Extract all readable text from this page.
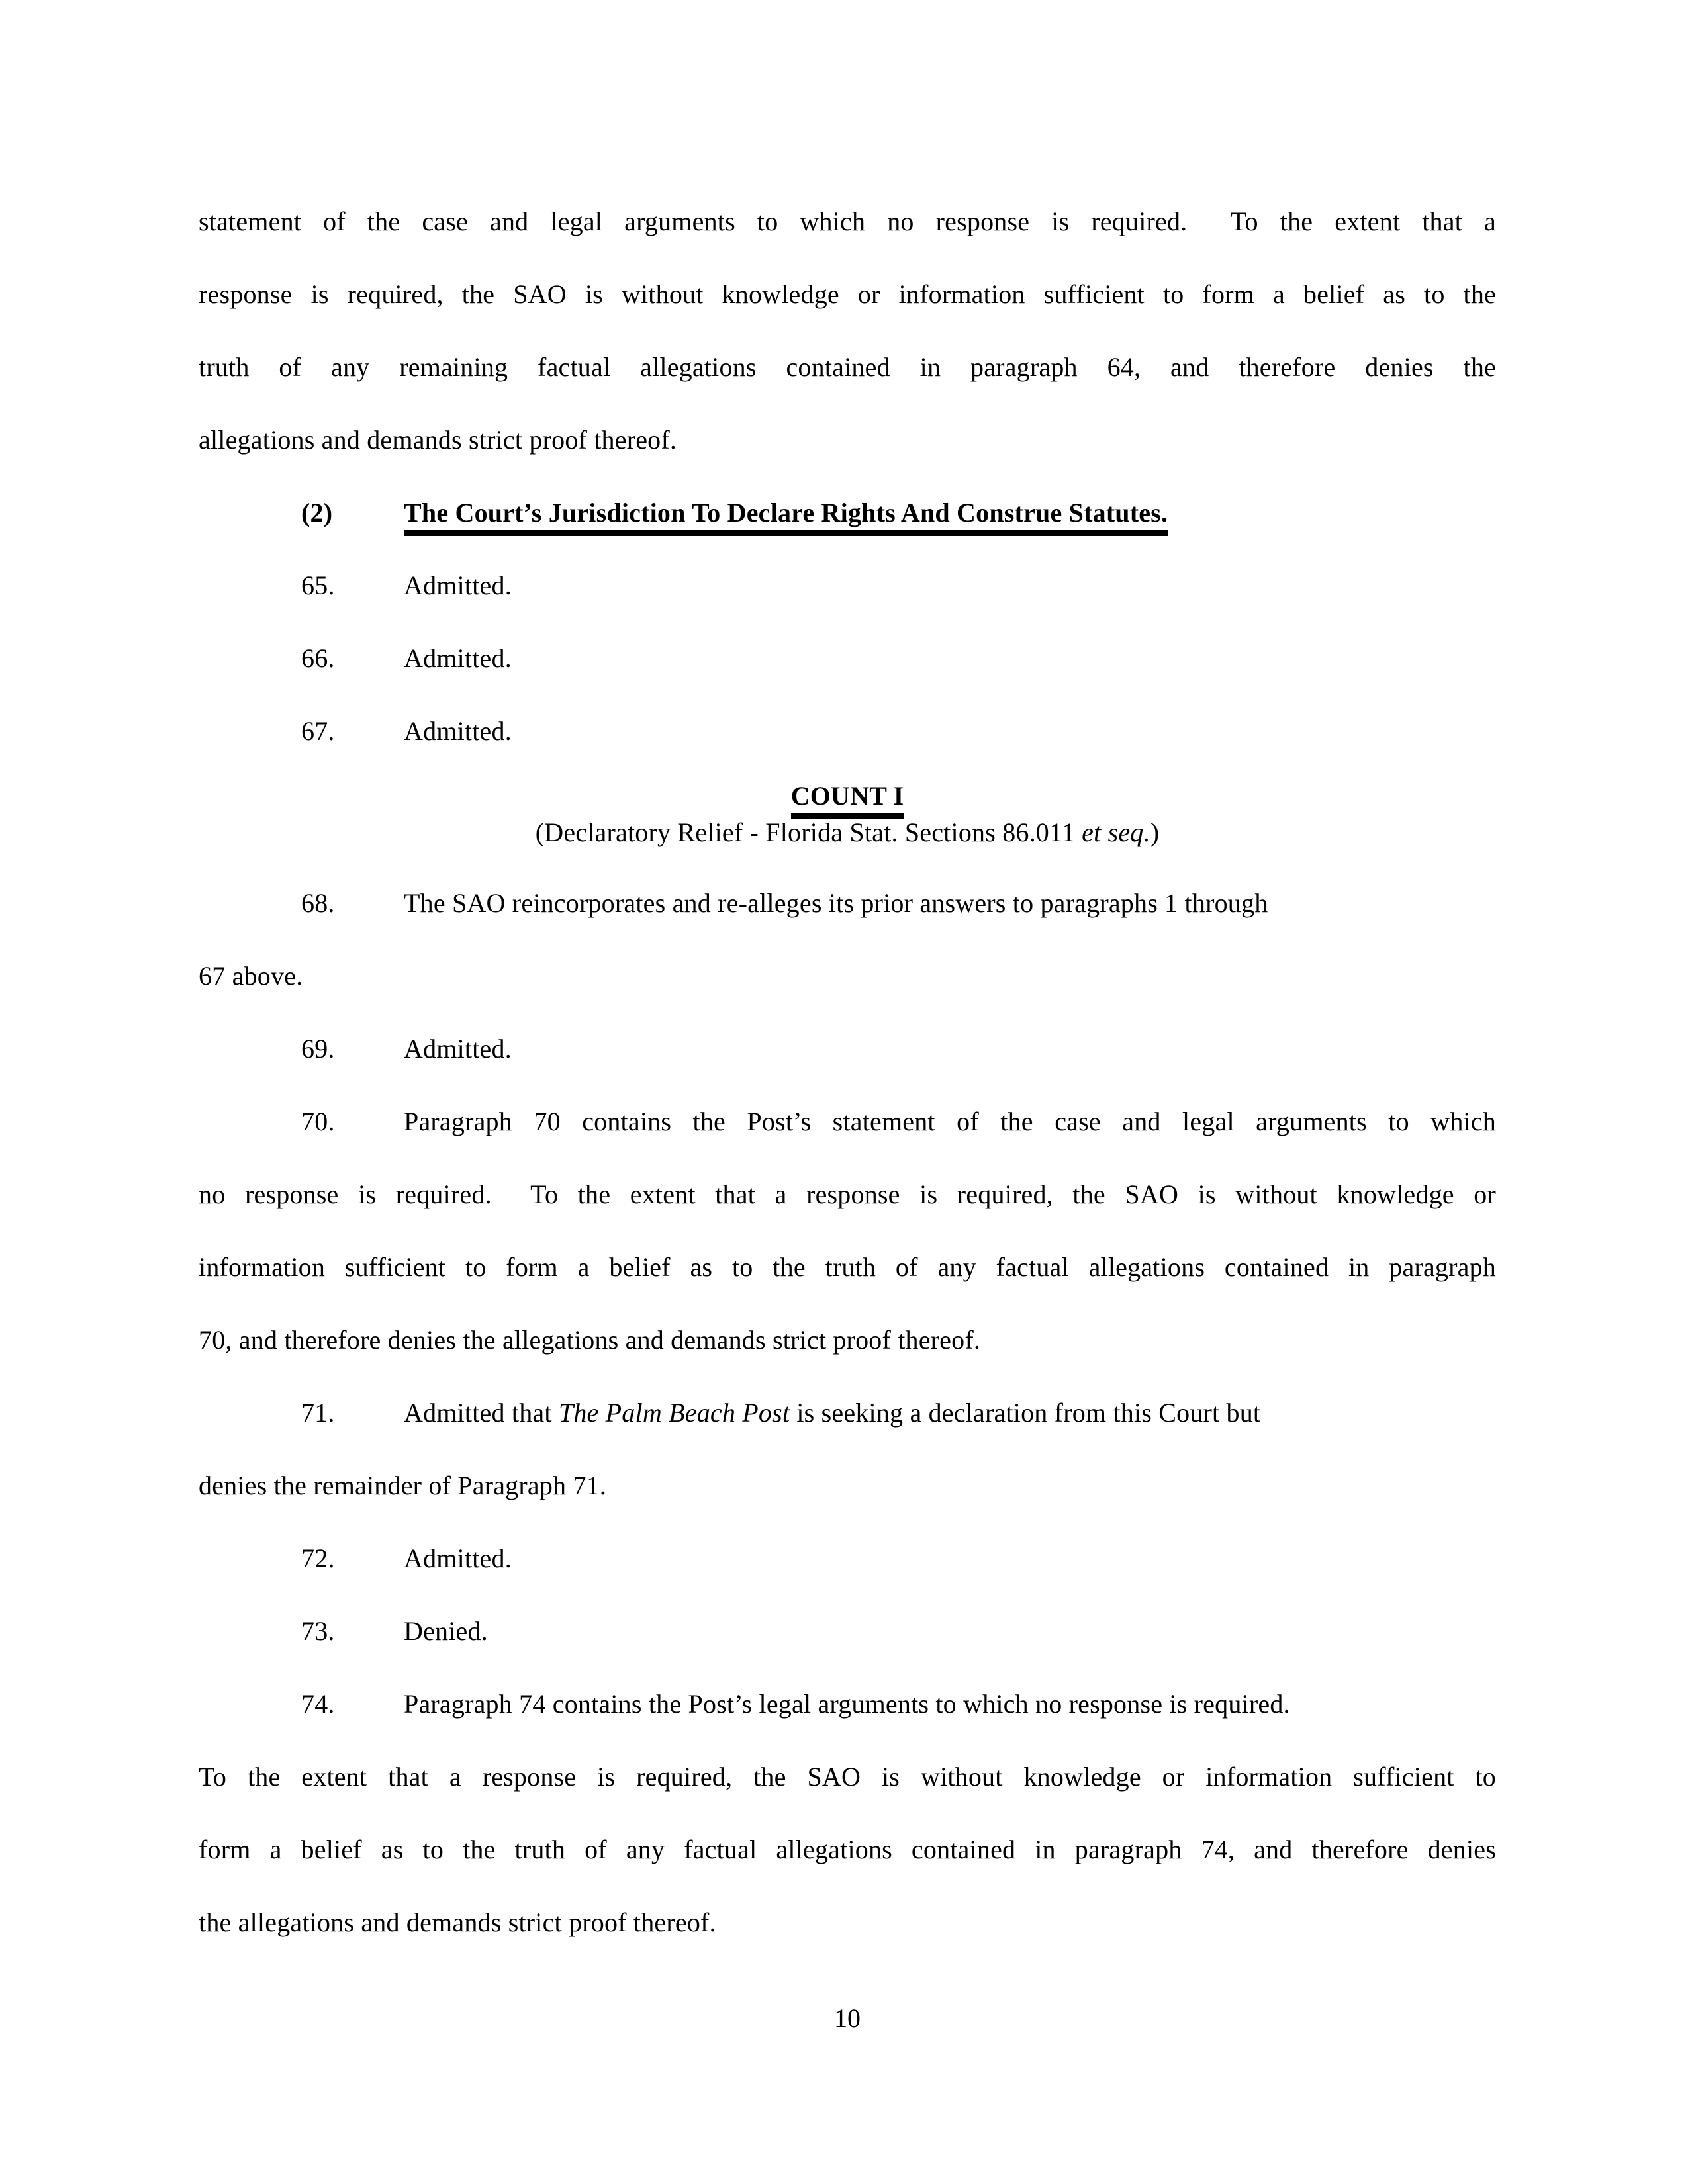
statement of the case and legal arguments to which no response is required.  To the extent that a
response is required, the SAO is without knowledge or information sufficient to form a belief as to the
truth of any remaining factual allegations contained in paragraph 64, and therefore denies the
allegations and demands strict proof thereof.
(2)	The Court’s Jurisdiction To Declare Rights And Construe Statutes.
65.	Admitted.
66.	Admitted.
67.	Admitted.
COUNT I
(Declaratory Relief - Florida Stat. Sections 86.011 et seq.)
68.	The SAO reincorporates and re-alleges its prior answers to paragraphs 1 through
67 above.
69.	Admitted.
70.	Paragraph 70 contains the Post’s statement of the case and legal arguments to which
no response is required.  To the extent that a response is required, the SAO is without knowledge or
information sufficient to form a belief as to the truth of any factual allegations contained in paragraph
70, and therefore denies the allegations and demands strict proof thereof.
71.	Admitted that The Palm Beach Post is seeking a declaration from this Court but
denies the remainder of Paragraph 71.
72.	Admitted.
73.	Denied.
74.	Paragraph 74 contains the Post’s legal arguments to which no response is required.
To the extent that a response is required, the SAO is without knowledge or information sufficient to
form a belief as to the truth of any factual allegations contained in paragraph 74, and therefore denies
the allegations and demands strict proof thereof.
10
